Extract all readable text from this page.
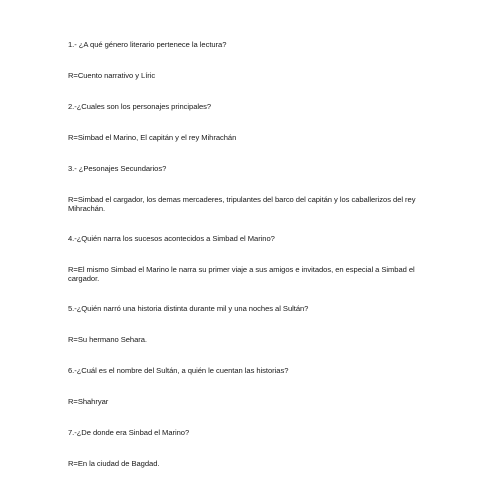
1.- ¿A qué género literario pertenece la lectura?

R=Cuento narrativo y Líric

2.-¿Cuales son los personajes principales?

R=Simbad el Marino, El capitán y el rey Mihrachán

3.- ¿Pesonajes Secundarios?

R=Simbad el cargador, los demas mercaderes, tripulantes del barco del capitán y los caballerizos del rey Mihrachán.

4.-¿Quién narra los sucesos acontecidos a Simbad el Marino?

R=El mismo Simbad el Marino le narra su primer viaje a sus amigos e invitados, en especial a Simbad el cargador.

5.-¿Quién narró una historia distinta durante mil y una noches al Sultán?

R=Su hermano Sehara.

6.-¿Cuál es el nombre del Sultán, a quién le cuentan las historias?

R=Shahryar

7.-¿De donde era Sinbad el Marino?

R=En la ciudad de Bagdad.
